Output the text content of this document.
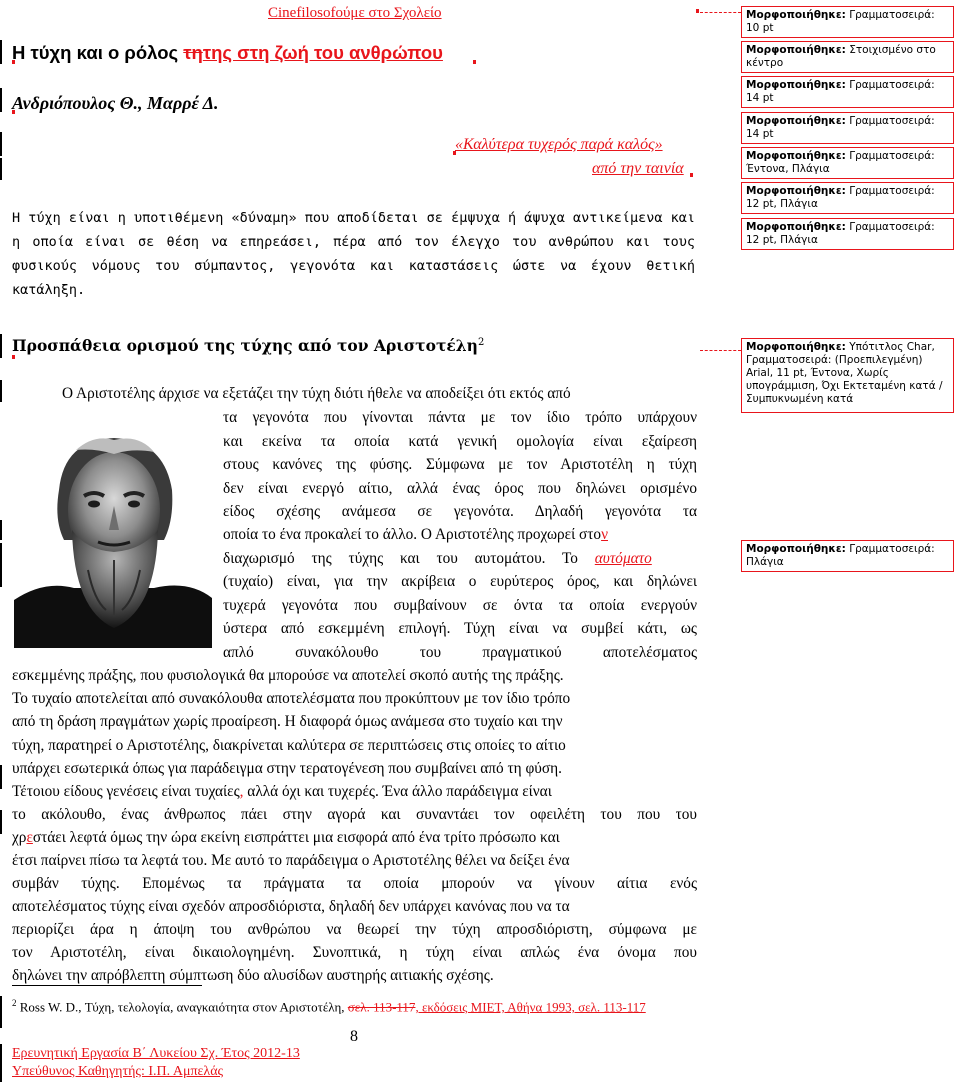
Cinefilosofούμε στο Σχολείο
Η τύχη και ο ρόλος τητης στη ζωή του ανθρώπου
Ανδριόπουλος Θ., Μαρρέ Δ.
«Καλύτερα τυχερός παρά καλός»
από την ταινία
Η τύχη είναι η υποτιθέμενη «δύναμη» που αποδίδεται σε έμψυχα ή άψυχα αντικείμενα και η οποία είναι σε θέση να επηρεάσει, πέρα από τον έλεγχο του ανθρώπου και τους φυσικούς νόμους του σύμπαντος, γεγονότα και καταστάσεις ώστε να έχουν θετική κατάληξη.
Προσπάθεια ορισμού της τύχης από τον Αριστοτέλη$^2$
Ο Αριστοτέλης άρχισε να εξετάζει την τύχη διότι ήθελε να αποδείξει ότι εκτός από
τα γεγονότα που γίνονται πάντα με τον ίδιο τρόπο υπάρχουν
και εκείνα τα οποία κατά γενική ομολογία είναι εξαίρεση
στους κανόνες της φύσης. Σύμφωνα με τον Αριστοτέλη η τύχη
δεν είναι ενεργό αίτιο, αλλά ένας όρος που δηλώνει ορισμένο
είδος σχέσης ανάμεσα σε γεγονότα. Δηλαδή γεγονότα τα
οποία το ένα προκαλεί το άλλο. Ο Αριστοτέλης προχωρεί στον
διαχωρισμό της τύχης και του αυτομάτου. Το αυτόματο
(τυχαίο) είναι, για την ακρίβεια ο ευρύτερος όρος, και δηλώνει
τυχερά γεγονότα που συμβαίνουν σε όντα τα οποία ενεργούν
ύστερα από εσκεμμένη επιλογή. Τύχη είναι να συμβεί κάτι, ως
απλό συνακόλουθο του πραγματικού αποτελέσματος
εσκεμμένης πράξης, που φυσιολογικά θα μπορούσε να αποτελεί σκοπό αυτής της πράξης.
Το τυχαίο αποτελείται από συνακόλουθα αποτελέσματα που προκύπτουν με τον ίδιο τρόπο
από τη δράση πραγμάτων χωρίς προαίρεση. Η διαφορά όμως ανάμεσα στο τυχαίο και την
τύχη, παρατηρεί ο Αριστοτέλης, διακρίνεται καλύτερα σε περιπτώσεις στις οποίες το αίτιο
υπάρχει εσωτερικά όπως για παράδειγμα στην τερατογένεση που συμβαίνει από τη φύση.
Τέτοιου είδους γενέσεις είναι τυχαίες, αλλά όχι και τυχερές. Ένα άλλο παράδειγμα είναι
το ακόλουθο, ένας άνθρωπος πάει στην αγορά και συναντάει τον οφειλέτη του που του
χρεστάει λεφτά όμως την ώρα εκείνη εισπράττει μια εισφορά από ένα τρίτο πρόσωπο και
έτσι παίρνει πίσω τα λεφτά του. Με αυτό το παράδειγμα ο Αριστοτέλης θέλει να δείξει ένα
συμβάν τύχης. Επομένως τα πράγματα τα οποία μπορούν να γίνουν αίτια ενός
αποτελέσματος τύχης είναι σχεδόν απροσδιόριστα, δηλαδή δεν υπάρχει κανόνας που να τα
περιορίζει άρα η άποψη του ανθρώπου να θεωρεί την τύχη απροσδιόριστη, σύμφωνα με
τον Αριστοτέλη, είναι δικαιολογημένη. Συνοπτικά, η τύχη είναι απλώς ένα όνομα που
δηλώνει την απρόβλεπτη σύμπτωση δύο αλυσίδων αυστηρής αιτιακής σχέσης.
$^2$ Ross W. D., Τύχη, τελολογία, αναγκαιότητα στον Αριστοτέλη, σελ. 113-117, εκδόσεις ΜΙΕΤ, Αθήνα 1993, σελ. 113-117
8
Ερευνητική Εργασία Β΄ Λυκείου Σχ. Έτος 2012-13
Υπεύθυνος Καθηγητής: Ι.Π. Αμπελάς
Μορφοποιήθηκε: Γραμματοσειρά: 10 pt
Μορφοποιήθηκε: Στοιχισμένο στο κέντρο
Μορφοποιήθηκε: Γραμματοσειρά: 14 pt
Μορφοποιήθηκε: Γραμματοσειρά: 14 pt
Μορφοποιήθηκε: Γραμματοσειρά: Έντονα, Πλάγια
Μορφοποιήθηκε: Γραμματοσειρά: 12 pt, Πλάγια
Μορφοποιήθηκε: Γραμματοσειρά: 12 pt, Πλάγια
Μορφοποιήθηκε: Υπότιτλος Char, Γραμματοσειρά: (Προεπιλεγμένη) Arial, 11 pt, Έντονα, Χωρίς υπογράμμιση, Όχι Εκτεταμένη κατά / Συμπυκνωμένη κατά
Μορφοποιήθηκε: Γραμματοσειρά: Πλάγια
